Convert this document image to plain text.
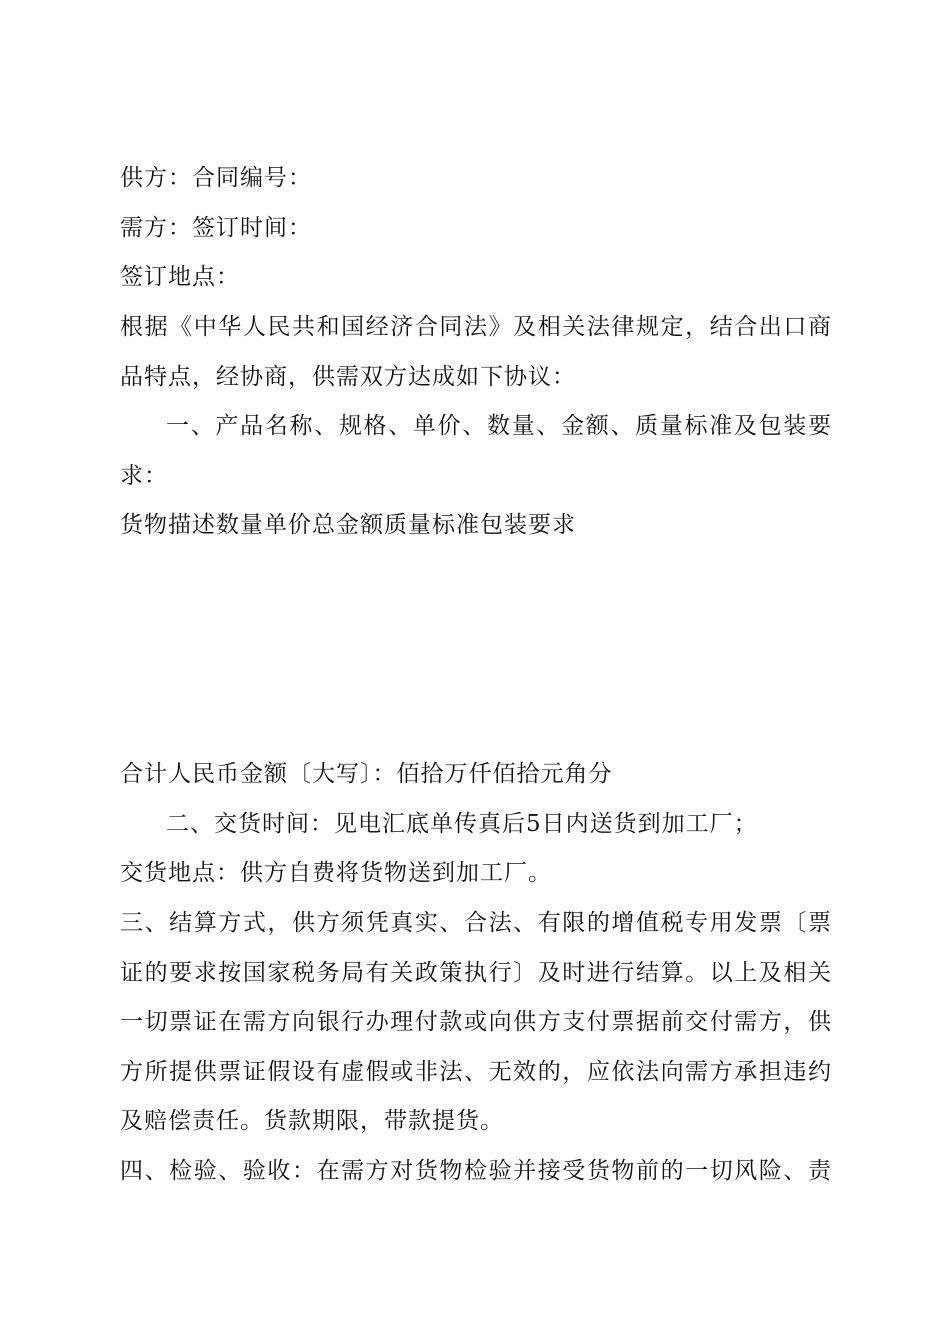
供方：合同编号：
需方：签订时间：
签订地点：
根据《中华人民共和国经济合同法》及相关法律规定，结合出口商
品特点，经协商，供需双方达成如下协议：
一、产品名称、规格、单价、数量、金额、质量标准及包装要
求：
货物描述数量单价总金额质量标准包装要求
合计人民币金额〔大写〕：佰拾万仟佰拾元角分
二、交货时间：见电汇底单传真后5日内送货到加工厂；
交货地点：供方自费将货物送到加工厂。
三、结算方式，供方须凭真实、合法、有限的增值税专用发票〔票
证的要求按国家税务局有关政策执行〕及时进行结算。以上及相关
一切票证在需方向银行办理付款或向供方支付票据前交付需方，供
方所提供票证假设有虚假或非法、无效的，应依法向需方承担违约
及赔偿责任。货款期限，带款提货。
四、检验、验收：在需方对货物检验并接受货物前的一切风险、责
